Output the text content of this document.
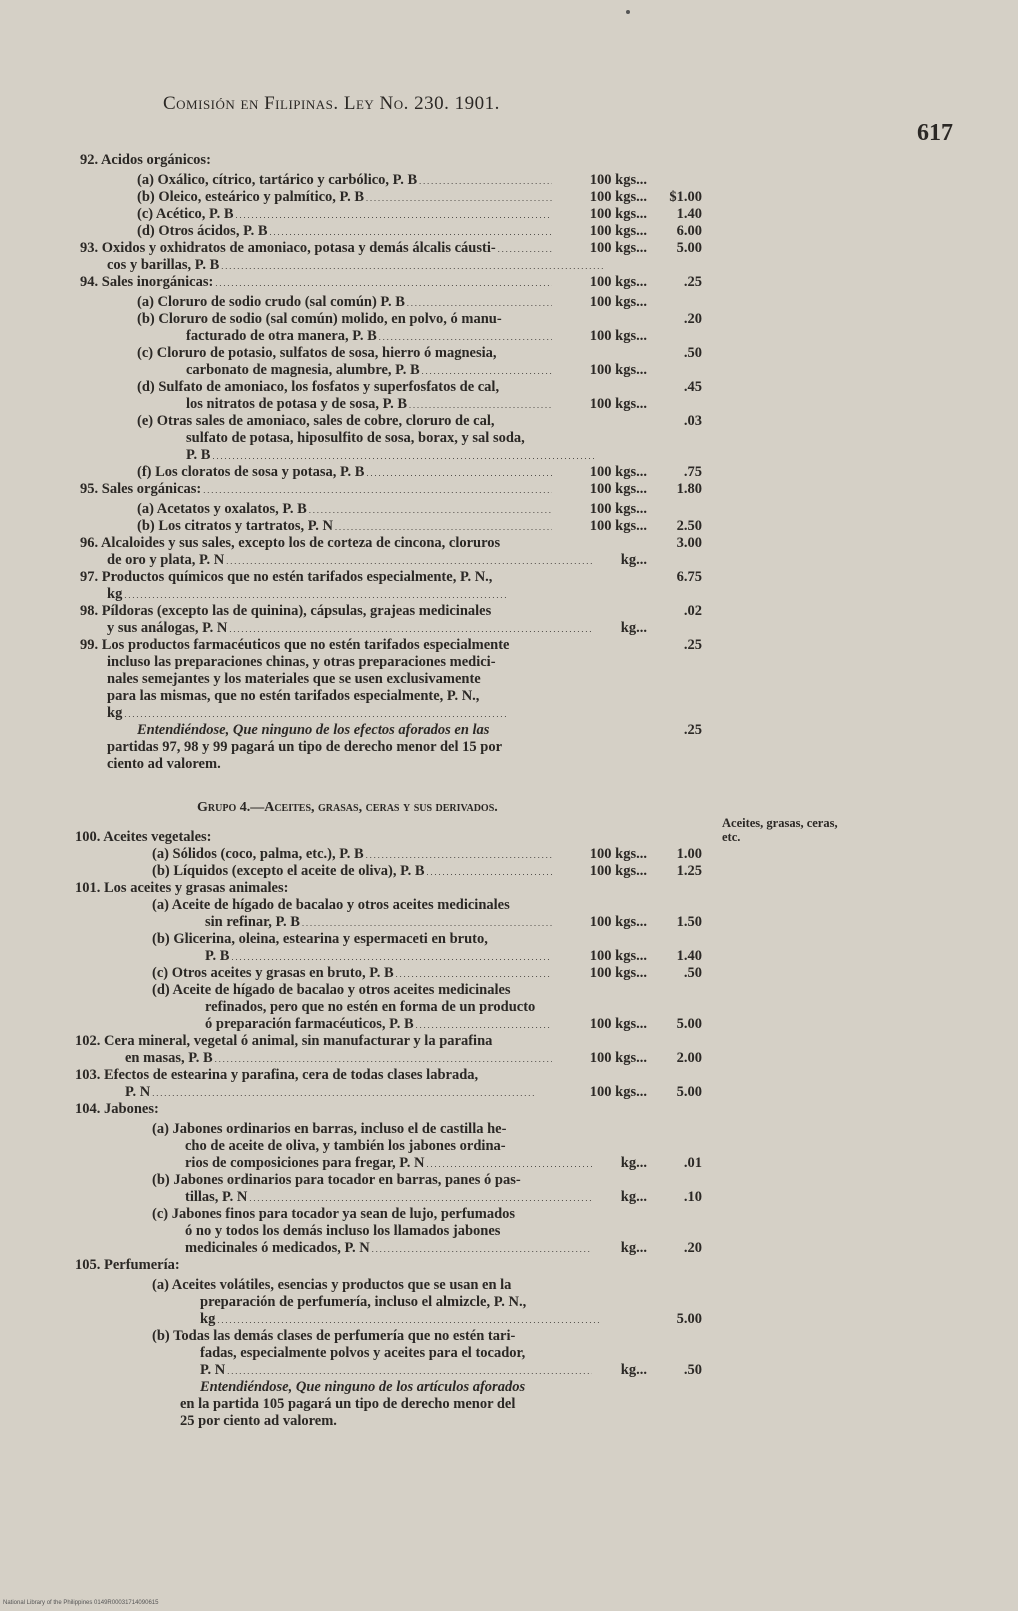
Comisión en Filipinas. Ley No. 230. 1901.
617
92. Acidos orgánicos:
(a) Oxálico, cítrico, tartárico y carbólico, P. B . . .	100 kgs...
(b) Oleico, esteárico y palmítico, P. B . . .	100 kgs...	$1.00
(c) Acético, P. B . . .	100 kgs...	1.40
(d) Otros ácidos, P. B . . .	100 kgs...	6.00
93. Oxidos y oxhidratos de amoniaco, potasa y demás álcalis cáusti- . . .	100 kgs...	5.00
cos y barillas, P. B . . .
94. Sales inorgánicas: . . .	100 kgs...	.25
(a) Cloruro de sodio crudo (sal común) P. B . . .	100 kgs...
(b) Cloruro de sodio (sal común) molido, en polvo, ó manu-	.20
facturado de otra manera, P. B . . .	100 kgs...
(c) Cloruro de potasio, sulfatos de sosa, hierro ó magnesia,	.50
carbonato de magnesia, alumbre, P. B . . .	100 kgs...
(d) Sulfato de amoniaco, los fosfatos y superfosfatos de cal,	.45
los nitratos de potasa y de sosa, P. B . . .	100 kgs...
(e) Otras sales de amoniaco, sales de cobre, cloruro de cal,	.03
sulfato de potasa, hiposulfito de sosa, borax, y sal soda,
P. B . . .
(f) Los cloratos de sosa y potasa, P. B . . .	100 kgs...	.75
95. Sales orgánicas: . . .	100 kgs...	1.80
(a) Acetatos y oxalatos, P. B . . .	100 kgs...
(b) Los citratos y tartratos, P. N . . .	100 kgs...	2.50
96. Alcaloides y sus sales, excepto los de corteza de cincona, cloruros	3.00
de oro y plata, P. N . . .	kg...
97. Productos químicos que no estén tarifados especialmente, P. N.,	6.75
kg . . .
98. Píldoras (excepto las de quinina), cápsulas, grajeas medicinales	.02
y sus análogas, P. N . . .	kg...
99. Los productos farmacéuticos que no estén tarifados especialmente	.25
incluso las preparaciones chinas, y otras preparaciones medici-
nales semejantes y los materiales que se usen exclusivamente
para las mismas, que no estén tarifados especialmente, P. N.,
kg . . .
Entendiéndose, Que ninguno de los efectos aforados en las	.25
partidas 97, 98 y 99 pagará un tipo de derecho menor del 15 por
ciento ad valorem.
Grupo 4.—Aceites, grasas, ceras y sus derivados.
100. Aceites vegetales:
(a) Sólidos (coco, palma, etc.), P. B . . .	100 kgs...	1.00
(b) Líquidos (excepto el aceite de oliva), P. B . . .	100 kgs...	1.25
101. Los aceites y grasas animales:
(a) Aceite de hígado de bacalao y otros aceites medicinales
sin refinar, P. B . . .	100 kgs...	1.50
(b) Glicerina, oleina, estearina y espermaceti en bruto,
P. B . . .	100 kgs...	1.40
(c) Otros aceites y grasas en bruto, P. B . . .	100 kgs...	.50
(d) Aceite de hígado de bacalao y otros aceites medicinales
refinados, pero que no estén en forma de un producto
ó preparación farmacéuticos, P. B . . .	100 kgs...	5.00
102. Cera mineral, vegetal ó animal, sin manufacturar y la parafina
en masas, P. B . . .	100 kgs...	2.00
103. Efectos de estearina y parafina, cera de todas clases labrada,
P. N . . .	100 kgs...	5.00
104. Jabones:
(a) Jabones ordinarios en barras, incluso el de castilla he-
cho de aceite de oliva, y también los jabones ordina-
rios de composiciones para fregar, P. N . . .	kg...	.01
(b) Jabones ordinarios para tocador en barras, panes ó pas-
tillas, P. N . . .	kg...	.10
(c) Jabones finos para tocador ya sean de lujo, perfumados
ó no y todos los demás incluso los llamados jabones
medicinales ó medicados, P. N . . .	kg...	.20
105. Perfumería:
(a) Aceites volátiles, esencias y productos que se usan en la
preparación de perfumería, incluso el almizcle, P. N.,
kg . . .	5.00
(b) Todas las demás clases de perfumería que no estén tari-
fadas, especialmente polvos y aceites para el tocador,
P. N . . .	kg...	.50
Entendiéndose, Que ninguno de los artículos aforados
en la partida 105 pagará un tipo de derecho menor del
25 por ciento ad valorem.
Aceites, grasas, ceras, etc.
National Library of the Philippines 0149R00031714090615
